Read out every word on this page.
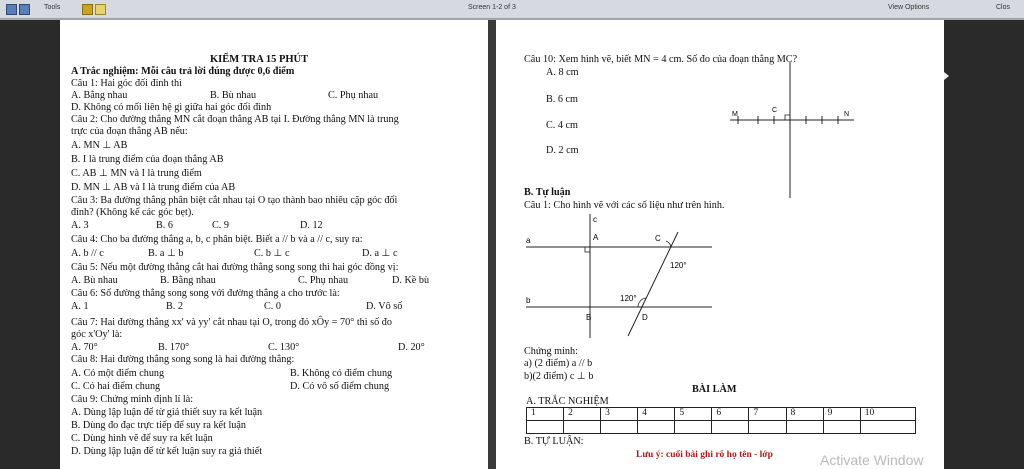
Tools	Screen 1-2 of 3	View Options	Clos
KIỂM TRA 15 PHÚT
A Trắc nghiệm: Mỗi câu trả lời đúng được 0,6 điểm
Câu 1: Hai góc đối đỉnh thì
A. Bằng nhau	B. Bù nhau	C. Phụ nhau
D. Không có mối liên hệ gì giữa hai góc đối đỉnh
Câu 2: Cho đường thẳng MN cắt đoạn thẳng AB tại I. Đường thẳng MN là trung
trực của đoạn thẳng AB nếu:
A. MN ⊥ AB
B. I là trung điểm của đoạn thẳng AB
C. AB ⊥ MN và I là trung điểm
D. MN ⊥ AB và I là trung điểm của AB
Câu 3: Ba đường thẳng phân biệt cắt nhau tại O tạo thành bao nhiêu cặp góc đối
đỉnh? (Không kể các góc bẹt).
A. 3	B. 6	C. 9	D. 12
Câu 4: Cho ba đường thẳng a, b, c phân biệt. Biết a // b và a // c, suy ra:
A. b // c	B. a ⊥ b	C. b ⊥ c	D. a ⊥ c
Câu 5: Nếu một đường thẳng cắt hai đường thẳng song song thì hai góc đồng vị:
A. Bù nhau	B. Bằng nhau	C. Phụ nhau	D. Kề bù
Câu 6: Số đường thẳng song song với đường thẳng a cho trước là:
A. 1	B. 2	C. 0	D. Vô số
Câu 7: Hai đường thẳng xx' và yy' cắt nhau tại O, trong đó xÔy = 70° thì số đo
góc x'Oy' là:
A. 70°	B. 170°	C. 130°	D. 20°
Câu 8: Hai đường thẳng song song là hai đường thẳng:
A. Có một điểm chung	B. Không có điểm chung
C. Có hai điểm chung	D. Có vô số điểm chung
Câu 9: Chứng minh định lí là:
A. Dùng lập luận để từ giả thiết suy ra kết luận
B. Dùng đo đạc trực tiếp để suy ra kết luận
C. Dùng hình vẽ để suy ra kết luận
D. Dùng lập luận để từ kết luận suy ra giả thiết
Câu 10: Xem hình vẽ, biết MN = 4 cm. Số đo của đoạn thẳng MC?
A. 8 cm
B. 6 cm
C. 4 cm
D. 2 cm
M
C
N
B. Tự luận
Câu 1: Cho hình vẽ với các số liệu như trên hình.
c
a	A	C
120°
b	120°
B	D
Chứng minh:
a) (2 điểm) a // b
b)(2 điểm) c ⊥ b
BÀI LÀM
A. TRẮC NGHIỆM
1	2	3	4	5	6	7	8	9	10

B. TỰ LUẬN:
Lưu ý: cuối bài ghi rõ họ tên - lớp	Activate Window
